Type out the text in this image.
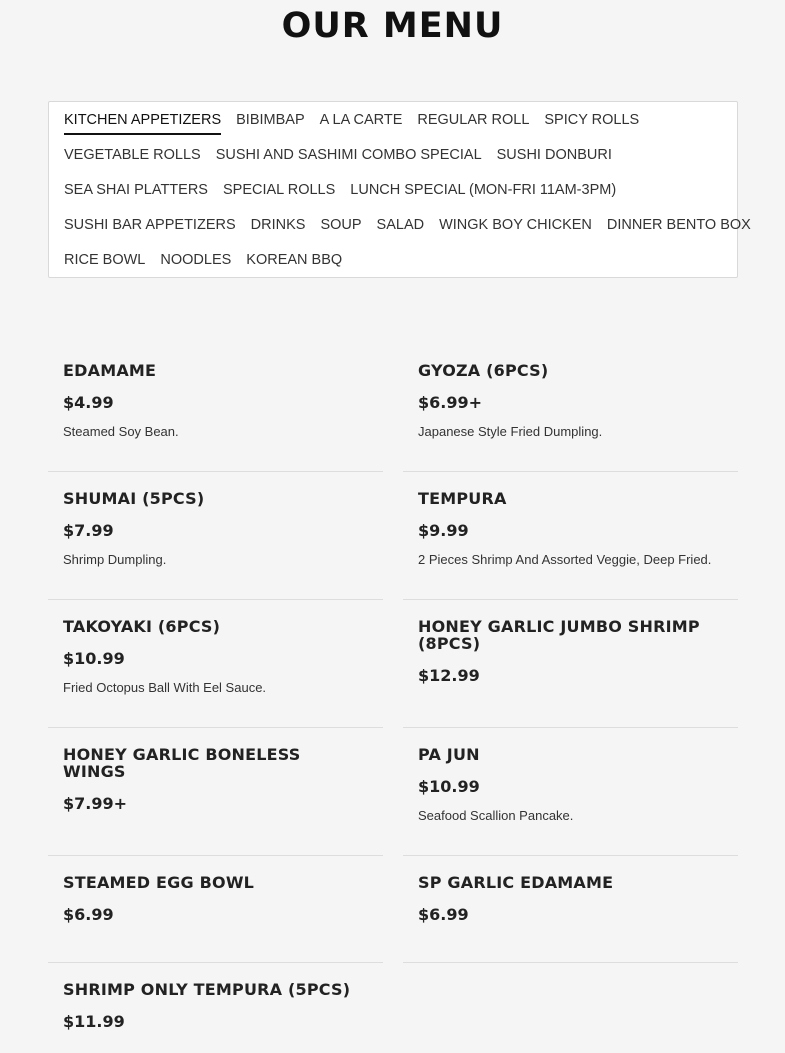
OUR MENU
KITCHEN APPETIZERS BIBIMBAP A LA CARTE REGULAR ROLL SPICY ROLLS
VEGETABLE ROLLS SUSHI AND SASHIMI COMBO SPECIAL SUSHI DONBURI
SEA SHAI PLATTERS SPECIAL ROLLS LUNCH SPECIAL (MON-FRI 11AM-3PM)
SUSHI BAR APPETIZERS DRINKS SOUP SALAD WINGK BOY CHICKEN DINNER BENTO BOX
RICE BOWL NOODLES KOREAN BBQ
EDAMAME
$4.99
Steamed Soy Bean.
GYOZA (6PCS)
$6.99+
Japanese Style Fried Dumpling.
SHUMAI (5PCS)
$7.99
Shrimp Dumpling.
TEMPURA
$9.99
2 Pieces Shrimp And Assorted Veggie, Deep Fried.
TAKOYAKI (6PCS)
$10.99
Fried Octopus Ball With Eel Sauce.
HONEY GARLIC JUMBO SHRIMP (8PCS)
$12.99
HONEY GARLIC BONELESS WINGS
$7.99+
PA JUN
$10.99
Seafood Scallion Pancake.
STEAMED EGG BOWL
$6.99
SP GARLIC EDAMAME
$6.99
SHRIMP ONLY TEMPURA (5PCS)
$11.99
